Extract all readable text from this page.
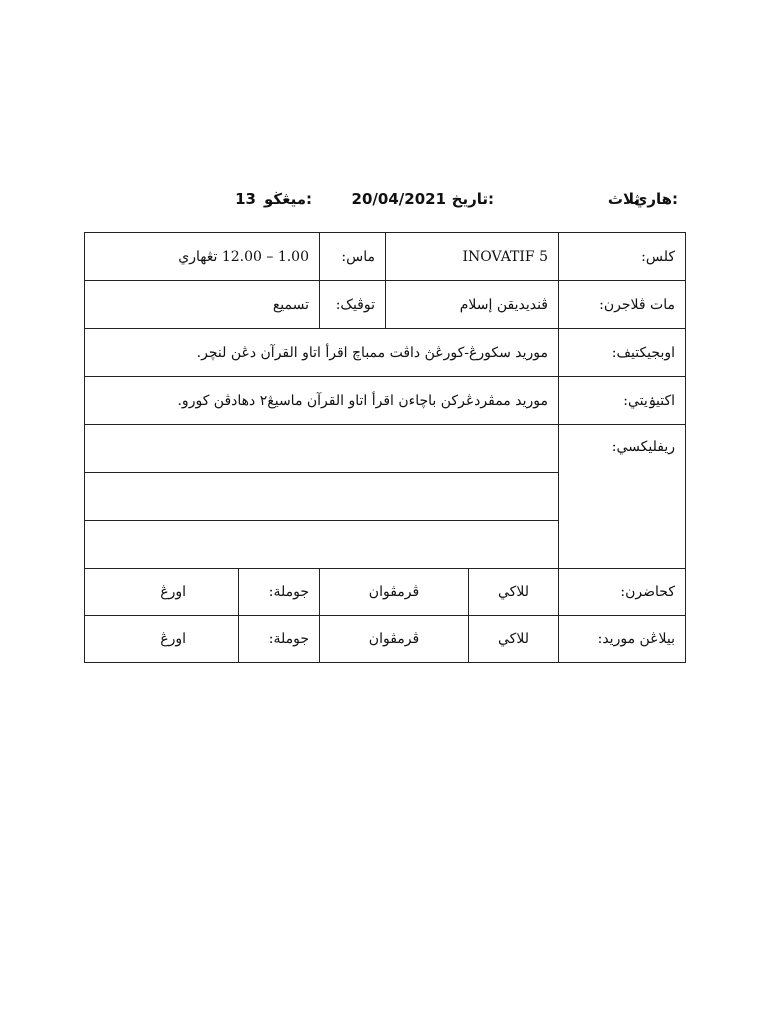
هاري:
ثلاث
تاريخ:
20/04/2021
ميڠڬو:
13
كلس:	INOVATIF 5		ماس:	1.00 – 12.00 تڠهاري	
مات ڤلاجرن:	ڤنديديقن إسلام		توڤيک:	تسميع	
اوبجيکتيف:	موريد سکورڠ-کورڠڽ داڤت ممباچ اقرأ اتاو القرآن دڠن لنچر.				
اکتيۏيتي:	موريد ممڤردڠرکن باچاءن اقرأ اتاو القرآن ماسيڠ٢ دهادڤن کورو.				
ريفليکسي:					

کحاضرن:	للاکي	ڤرمڤوان		جوملة:	اورڠ
بيلاڠن موريد:	للاکي	ڤرمڤوان		جوملة:	اورڠ
